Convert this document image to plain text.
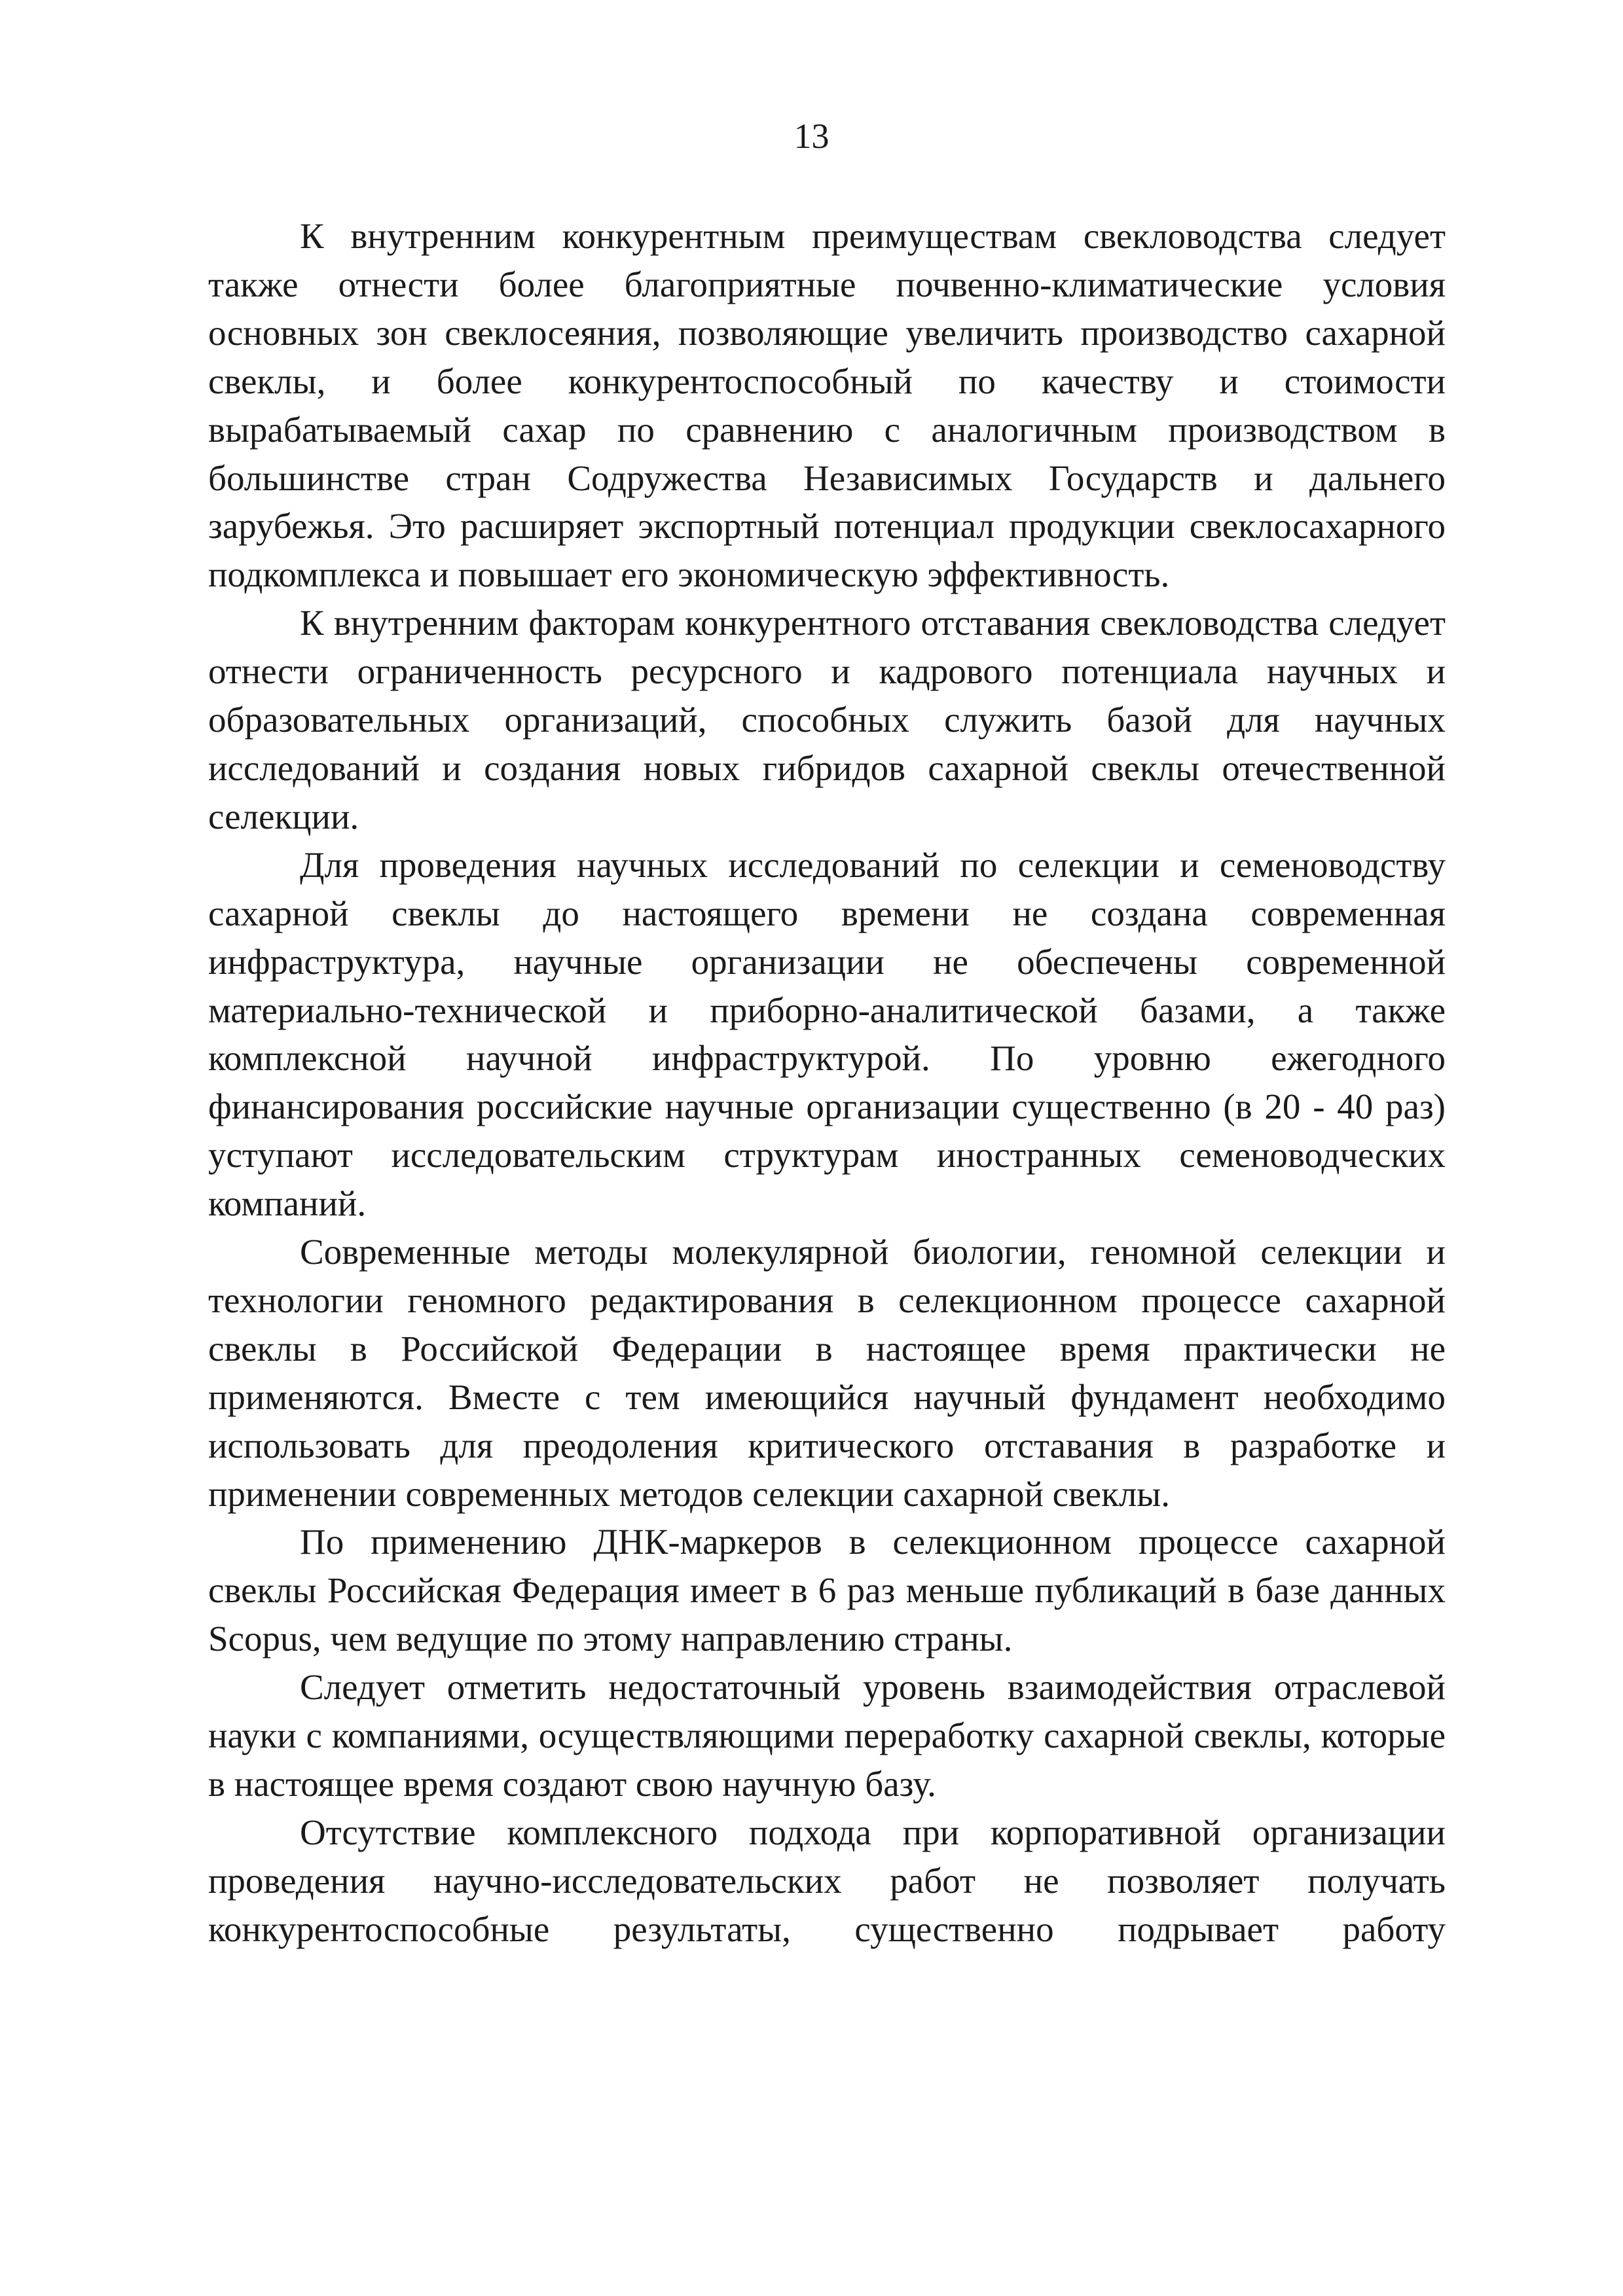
13

К внутренним конкурентным преимуществам свекловодства следует также отнести более благоприятные почвенно-климатические условия основных зон свеклосеяния, позволяющие увеличить производство сахарной свеклы, и более конкурентоспособный по качеству и стоимости вырабатываемый сахар по сравнению с аналогичным производством в большинстве стран Содружества Независимых Государств и дальнего зарубежья. Это расширяет экспортный потенциал продукции свеклосахарного подкомплекса и повышает его экономическую эффективность.

К внутренним факторам конкурентного отставания свекловодства следует отнести ограниченность ресурсного и кадрового потенциала научных и образовательных организаций, способных служить базой для научных исследований и создания новых гибридов сахарной свеклы отечественной селекции.

Для проведения научных исследований по селекции и семеноводству сахарной свеклы до настоящего времени не создана современная инфраструктура, научные организации не обеспечены современной материально-технической и приборно-аналитической базами, а также комплексной научной инфраструктурой. По уровню ежегодного финансирования российские научные организации существенно (в 20 - 40 раз) уступают исследовательским структурам иностранных семеноводческих компаний.

Современные методы молекулярной биологии, геномной селекции и технологии геномного редактирования в селекционном процессе сахарной свеклы в Российской Федерации в настоящее время практически не применяются. Вместе с тем имеющийся научный фундамент необходимо использовать для преодоления критического отставания в разработке и применении современных методов селекции сахарной свеклы.

По применению ДНК-маркеров в селекционном процессе сахарной свеклы Российская Федерация имеет в 6 раз меньше публикаций в базе данных Scopus, чем ведущие по этому направлению страны.

Следует отметить недостаточный уровень взаимодействия отраслевой науки с компаниями, осуществляющими переработку сахарной свеклы, которые в настоящее время создают свою научную базу.

Отсутствие комплексного подхода при корпоративной организации проведения научно-исследовательских работ не позволяет получать конкурентоспособные результаты, существенно подрывает работу
